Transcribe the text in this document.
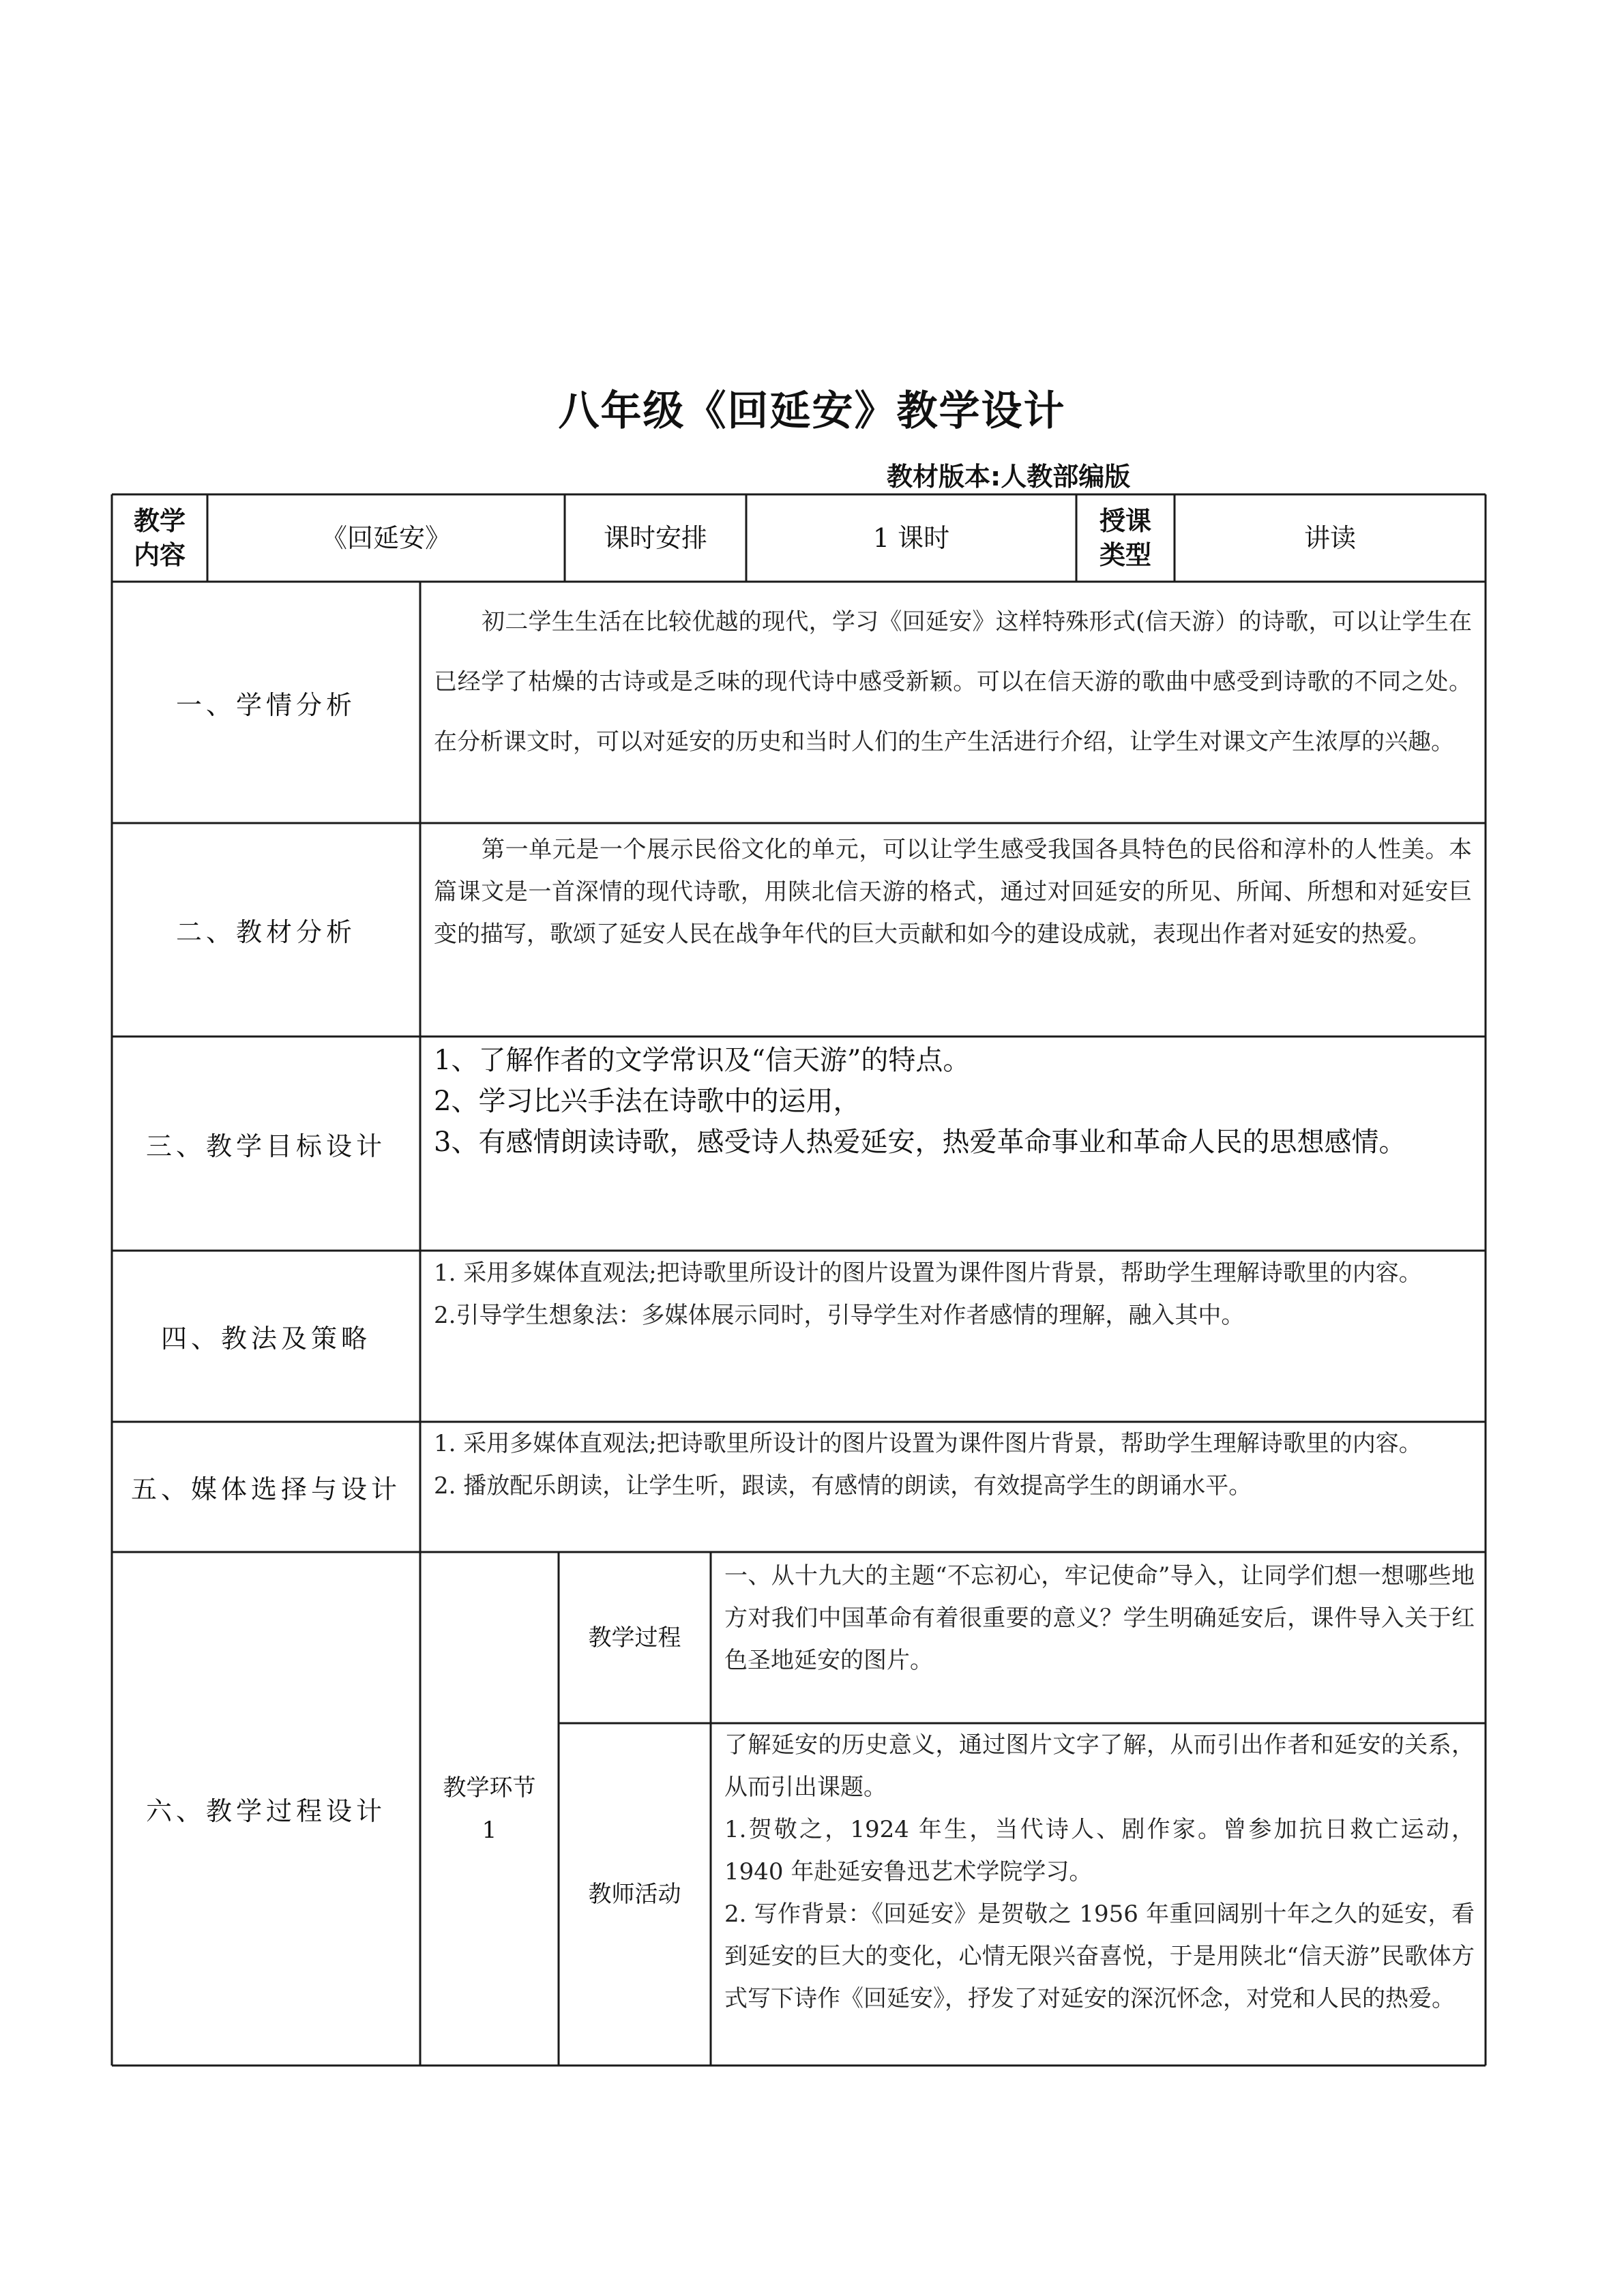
八年级《回延安》教学设计
教材版本:人教部编版
教学
内容
《回延安》	课时安排	1 课时
授课
类型
讲读
一、学情分析

初二学生生活在比较优越的现代，学习《回延安》这样特殊形式(信天游）的诗歌，可以让学生在已经学了枯燥的古诗或是乏味的现代诗中感受新颖。可以在信天游的歌曲中感受到诗歌的不同之处。在分析课文时，可以对延安的历史和当时人们的生产生活进行介绍，让学生对课文产生浓厚的兴趣。

二、教材分析

第一单元是一个展示民俗文化的单元，可以让学生感受我国各具特色的民俗和淳朴的人性美。本篇课文是一首深情的现代诗歌，用陕北信天游的格式，通过对回延安的所见、所闻、所想和对延安巨变的描写，歌颂了延安人民在战争年代的巨大贡献和如今的建设成就，表现出作者对延安的热爱。

三、教学目标设计

1、了解作者的文学常识及“信天游”的特点。

2、学习比兴手法在诗歌中的运用，

3、有感情朗读诗歌，感受诗人热爱延安，热爱革命事业和革命人民的思想感情。

四、教法及策略

1. 采用多媒体直观法;把诗歌里所设计的图片设置为课件图片背景，帮助学生理解诗歌里的内容。

2.引导学生想象法：多媒体展示同时，引导学生对作者感情的理解，融入其中。

五、媒体选择与设计

1. 采用多媒体直观法;把诗歌里所设计的图片设置为课件图片背景，帮助学生理解诗歌里的内容。

2. 播放配乐朗读，让学生听，跟读，有感情的朗读，有效提高学生的朗诵水平。

六、教学过程设计
教学环节
1
教学过程

一、从十九大的主题“不忘初心，牢记使命”导入，让同学们想一想哪些地方对我们中国革命有着很重要的意义？学生明确延安后，课件导入关于红色圣地延安的图片。

教师活动

了解延安的历史意义，通过图片文字了解，从而引出作者和延安的关系，从而引出课题。

1.贺敬之，1924 年生，当代诗人、剧作家。曾参加抗日救亡运动，1940 年赴延安鲁迅艺术学院学习。

2. 写作背景：《回延安》是贺敬之 1956 年重回阔别十年之久的延安，看到延安的巨大的变化，心情无限兴奋喜悦，于是用陕北“信天游”民歌体方式写下诗作《回延安》，抒发了对延安的深沉怀念，对党和人民的热爱。
